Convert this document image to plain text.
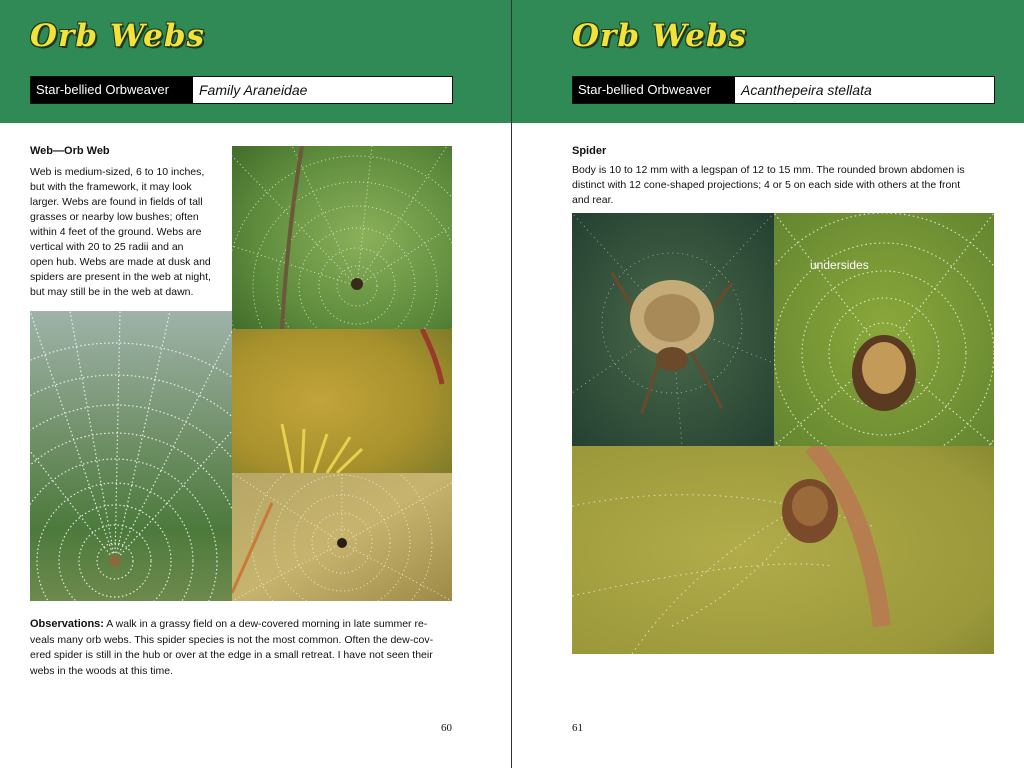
Orb Webs
Star-bellied Orbweaver	Family Araneidae
Web—Orb Web
Web is medium-sized, 6 to 10 inches,
but with the framework, it may look
larger. Webs are found in fields of tall
grasses or nearby low bushes; often
within 4 feet of the ground. Webs are
vertical with 20 to 25 radii and an
open hub. Webs are made at dusk and
spiders are present in the web at night,
but may still be in the web at dawn.
Observations: A walk in a grassy field on a dew-covered morning in late summer re-
veals many orb webs. This spider species is not the most common. Often the dew-cov-
ered spider is still in the hub or over at the edge in a small retreat. I have not seen their
webs in the woods at this time.
60
Orb Webs
Star-bellied Orbweaver	Acanthepeira stellata
Spider
Body is 10 to 12 mm with a legspan of 12 to 15 mm. The rounded brown abdomen is
distinct with 12 cone-shaped projections; 4 or 5 on each side with others at the front
and rear.
undersides
61
